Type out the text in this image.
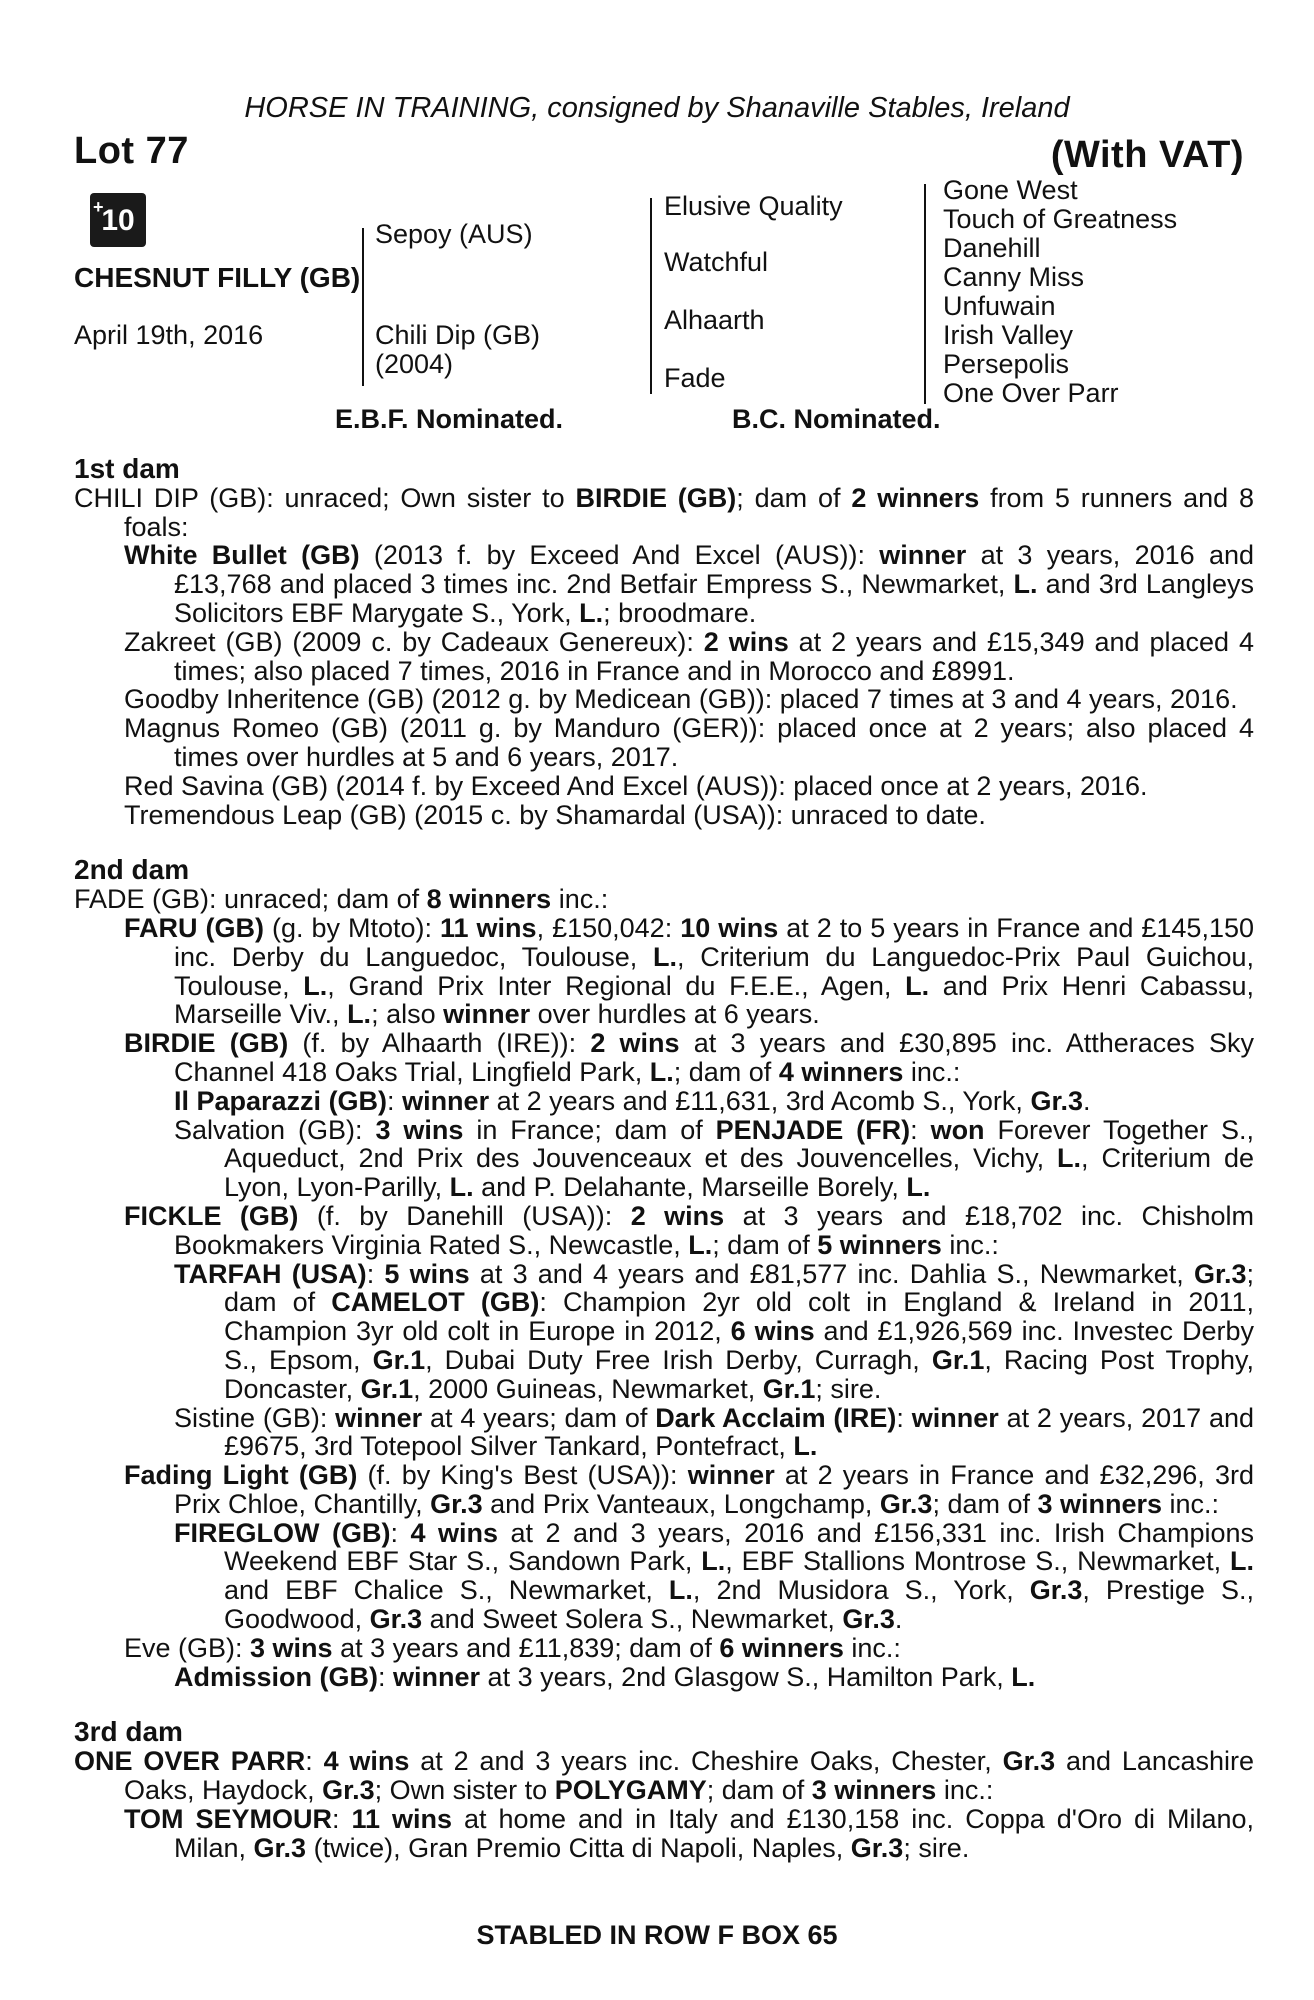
HORSE IN TRAINING, consigned by Shanaville Stables, Ireland
Lot 77	(With VAT)
+
10
CHESNUT FILLY (GB)
April 19th, 2016
Sepoy (AUS)
Chili Dip (GB)
(2004)
Elusive Quality
Watchful
Alhaarth
Fade
Gone West
Touch of Greatness
Danehill
Canny Miss
Unfuwain
Irish Valley
Persepolis
One Over Parr
E.B.F. Nominated.	B.C. Nominated.
1st dam
CHILI DIP (GB): unraced; Own sister to BIRDIE (GB); dam of 2 winners from 5 runners and 8 foals:
White Bullet (GB) (2013 f. by Exceed And Excel (AUS)): winner at 3 years, 2016 and £13,768 and placed 3 times inc. 2nd Betfair Empress S., Newmarket, L. and 3rd Langleys Solicitors EBF Marygate S., York, L.; broodmare.
Zakreet (GB) (2009 c. by Cadeaux Genereux): 2 wins at 2 years and £15,349 and placed 4 times; also placed 7 times, 2016 in France and in Morocco and £8991.
Goodby Inheritence (GB) (2012 g. by Medicean (GB)): placed 7 times at 3 and 4 years, 2016.
Magnus Romeo (GB) (2011 g. by Manduro (GER)): placed once at 2 years; also placed 4 times over hurdles at 5 and 6 years, 2017.
Red Savina (GB) (2014 f. by Exceed And Excel (AUS)): placed once at 2 years, 2016.
Tremendous Leap (GB) (2015 c. by Shamardal (USA)): unraced to date.
2nd dam
FADE (GB): unraced; dam of 8 winners inc.:
FARU (GB) (g. by Mtoto): 11 wins, £150,042: 10 wins at 2 to 5 years in France and £145,150 inc. Derby du Languedoc, Toulouse, L., Criterium du Languedoc-Prix Paul Guichou, Toulouse, L., Grand Prix Inter Regional du F.E.E., Agen, L. and Prix Henri Cabassu, Marseille Viv., L.; also winner over hurdles at 6 years.
BIRDIE (GB) (f. by Alhaarth (IRE)): 2 wins at 3 years and £30,895 inc. Attheraces Sky Channel 418 Oaks Trial, Lingfield Park, L.; dam of 4 winners inc.:
Il Paparazzi (GB): winner at 2 years and £11,631, 3rd Acomb S., York, Gr.3.
Salvation (GB): 3 wins in France; dam of PENJADE (FR): won Forever Together S., Aqueduct, 2nd Prix des Jouvenceaux et des Jouvencelles, Vichy, L., Criterium de Lyon, Lyon-Parilly, L. and P. Delahante, Marseille Borely, L.
FICKLE (GB) (f. by Danehill (USA)): 2 wins at 3 years and £18,702 inc. Chisholm Bookmakers Virginia Rated S., Newcastle, L.; dam of 5 winners inc.:
TARFAH (USA): 5 wins at 3 and 4 years and £81,577 inc. Dahlia S., Newmarket, Gr.3; dam of CAMELOT (GB): Champion 2yr old colt in England & Ireland in 2011, Champion 3yr old colt in Europe in 2012, 6 wins and £1,926,569 inc. Investec Derby S., Epsom, Gr.1, Dubai Duty Free Irish Derby, Curragh, Gr.1, Racing Post Trophy, Doncaster, Gr.1, 2000 Guineas, Newmarket, Gr.1; sire.
Sistine (GB): winner at 4 years; dam of Dark Acclaim (IRE): winner at 2 years, 2017 and £9675, 3rd Totepool Silver Tankard, Pontefract, L.
Fading Light (GB) (f. by King's Best (USA)): winner at 2 years in France and £32,296, 3rd Prix Chloe, Chantilly, Gr.3 and Prix Vanteaux, Longchamp, Gr.3; dam of 3 winners inc.:
FIREGLOW (GB): 4 wins at 2 and 3 years, 2016 and £156,331 inc. Irish Champions Weekend EBF Star S., Sandown Park, L., EBF Stallions Montrose S., Newmarket, L. and EBF Chalice S., Newmarket, L., 2nd Musidora S., York, Gr.3, Prestige S., Goodwood, Gr.3 and Sweet Solera S., Newmarket, Gr.3.
Eve (GB): 3 wins at 3 years and £11,839; dam of 6 winners inc.:
Admission (GB): winner at 3 years, 2nd Glasgow S., Hamilton Park, L.
3rd dam
ONE OVER PARR: 4 wins at 2 and 3 years inc. Cheshire Oaks, Chester, Gr.3 and Lancashire Oaks, Haydock, Gr.3; Own sister to POLYGAMY; dam of 3 winners inc.:
TOM SEYMOUR: 11 wins at home and in Italy and £130,158 inc. Coppa d'Oro di Milano, Milan, Gr.3 (twice), Gran Premio Citta di Napoli, Naples, Gr.3; sire.
STABLED IN ROW F BOX 65
